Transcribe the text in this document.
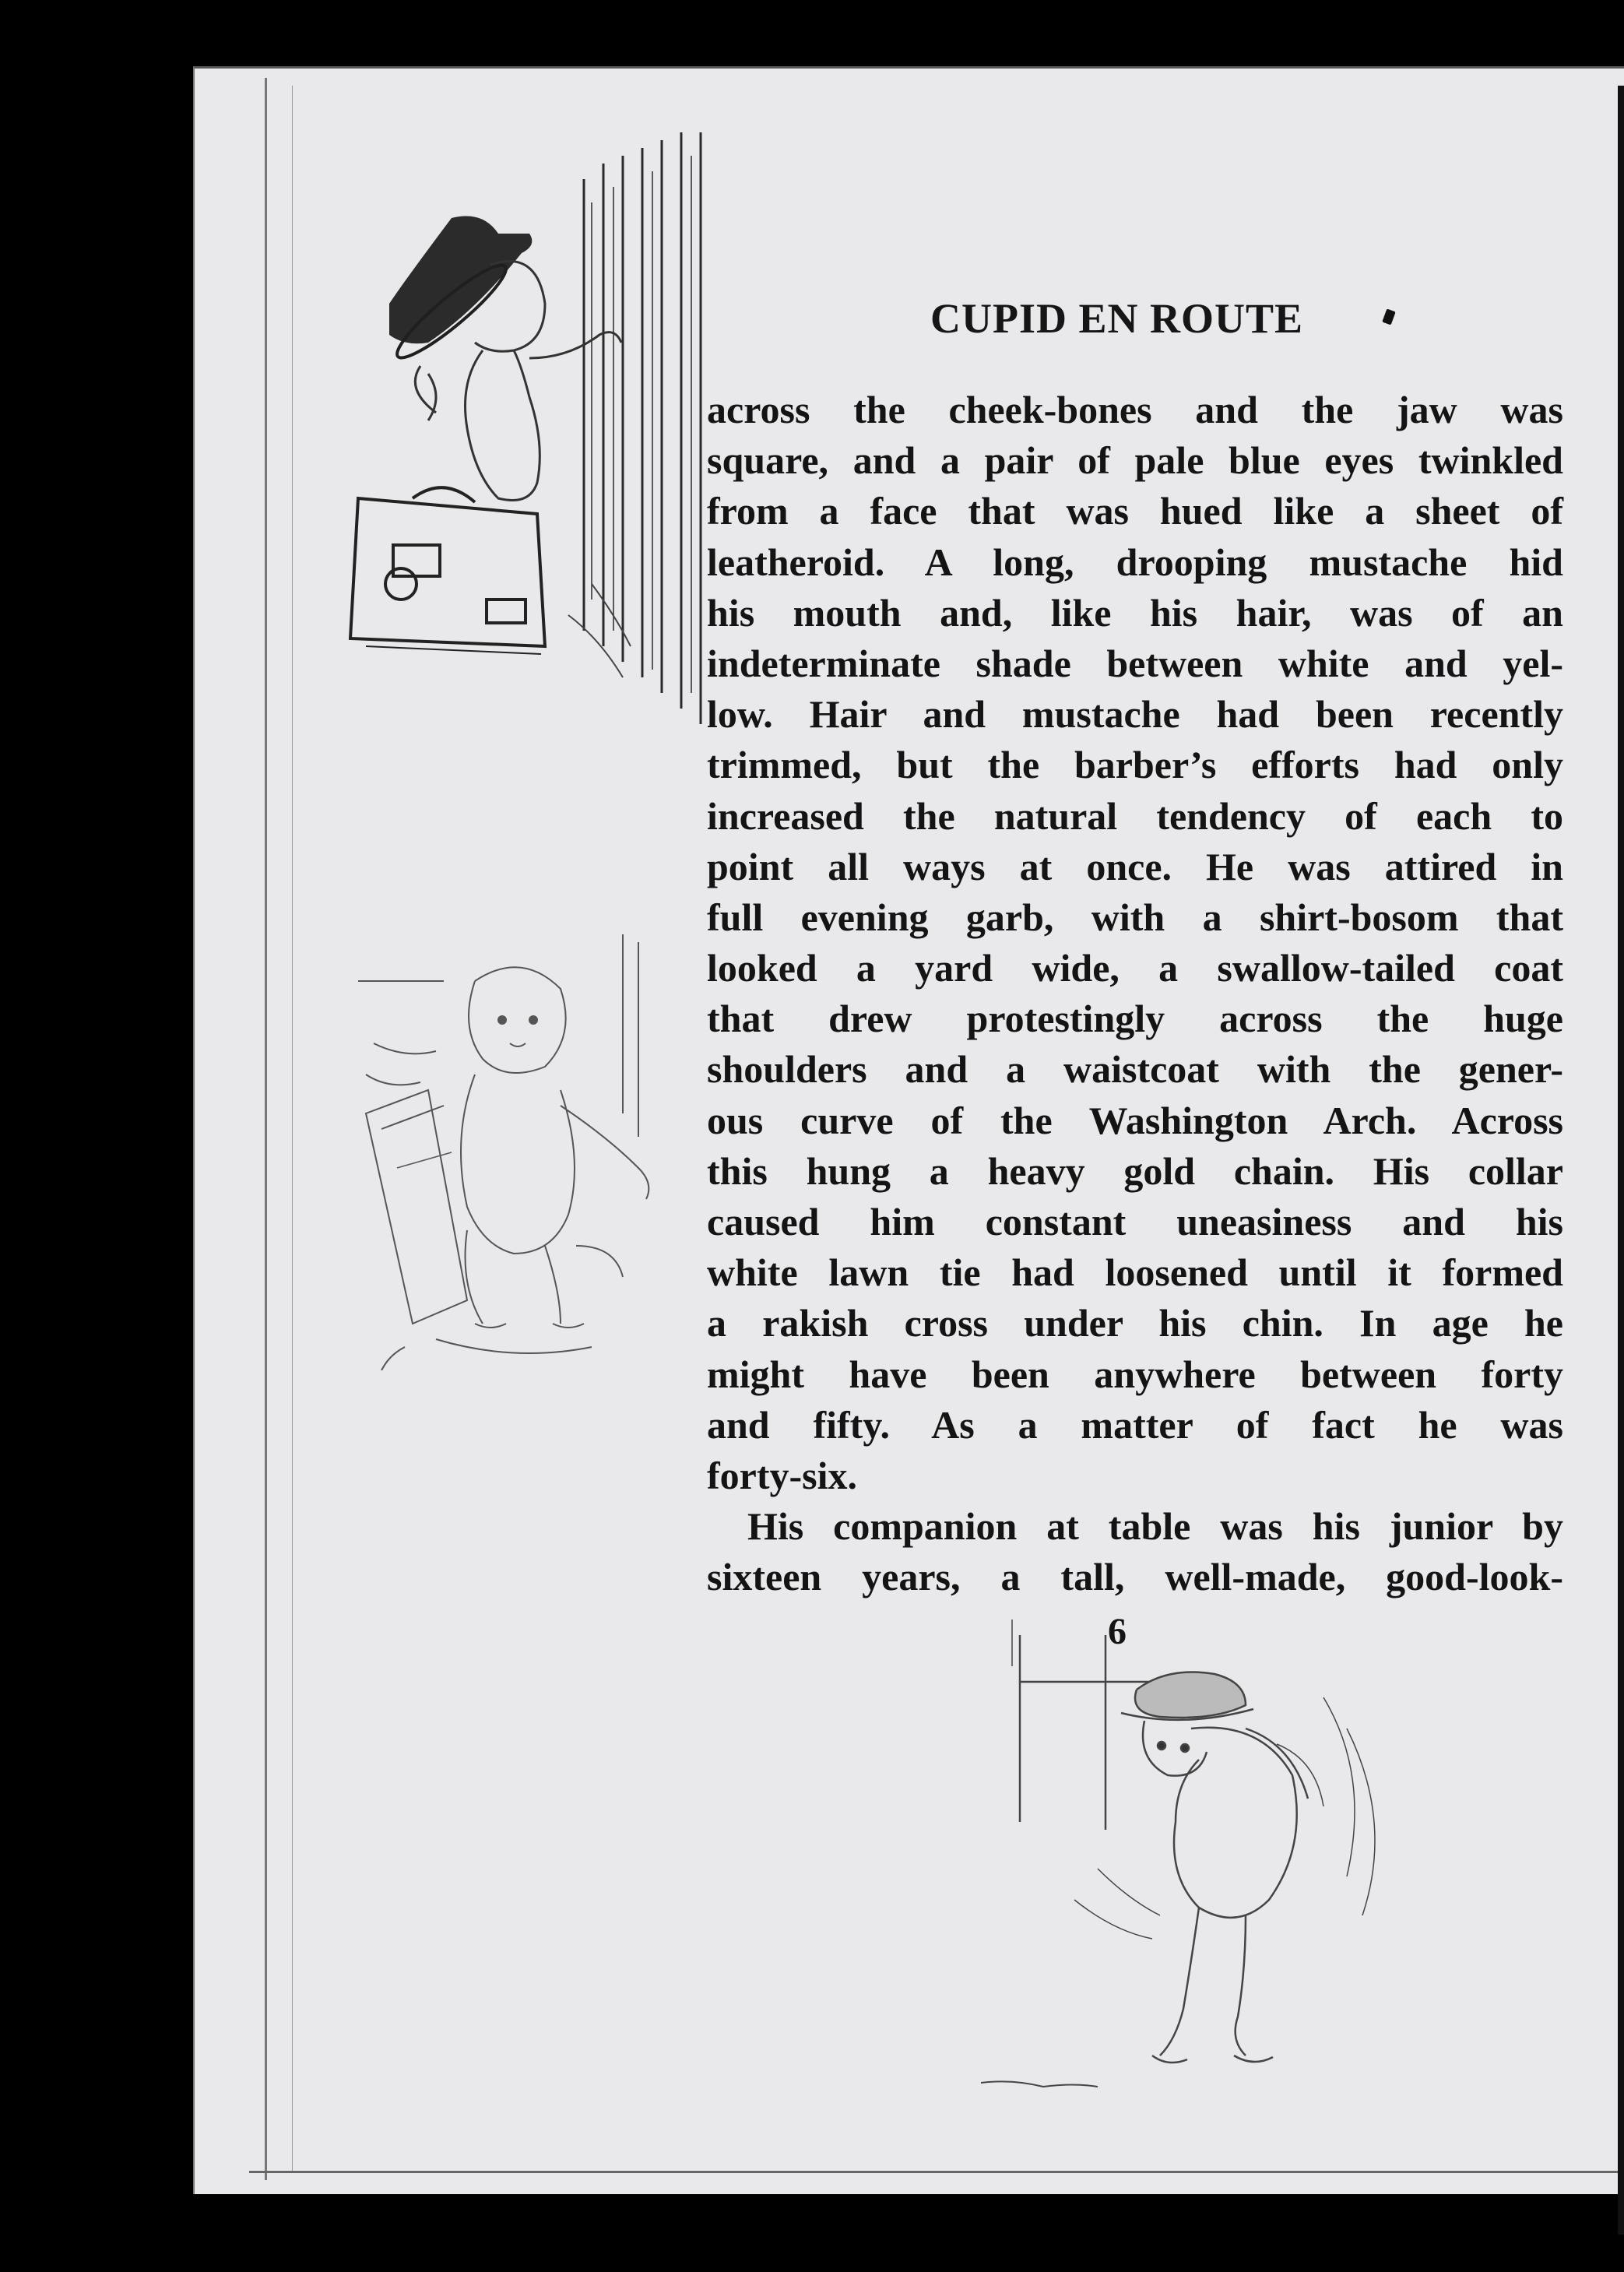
CUPID EN ROUTE
across the cheek-bones and the jaw was
square, and a pair of pale blue eyes twinkled
from a face that was hued like a sheet of
leatheroid. A long, drooping mustache hid
his mouth and, like his hair, was of an
indeterminate shade between white and yel-
low. Hair and mustache had been recently
trimmed, but the barber’s efforts had only
increased the natural tendency of each to
point all ways at once. He was attired in
full evening garb, with a shirt-bosom that
looked a yard wide, a swallow-tailed coat
that drew protestingly across the huge
shoulders and a waistcoat with the gener-
ous curve of the Washington Arch. Across
this hung a heavy gold chain. His collar
caused him constant uneasiness and his
white lawn tie had loosened until it formed
a rakish cross under his chin. In age he
might have been anywhere between forty
and fifty. As a matter of fact he was
forty-six.
His companion at table was his junior by
sixteen years, a tall, well-made, good-look-
6
